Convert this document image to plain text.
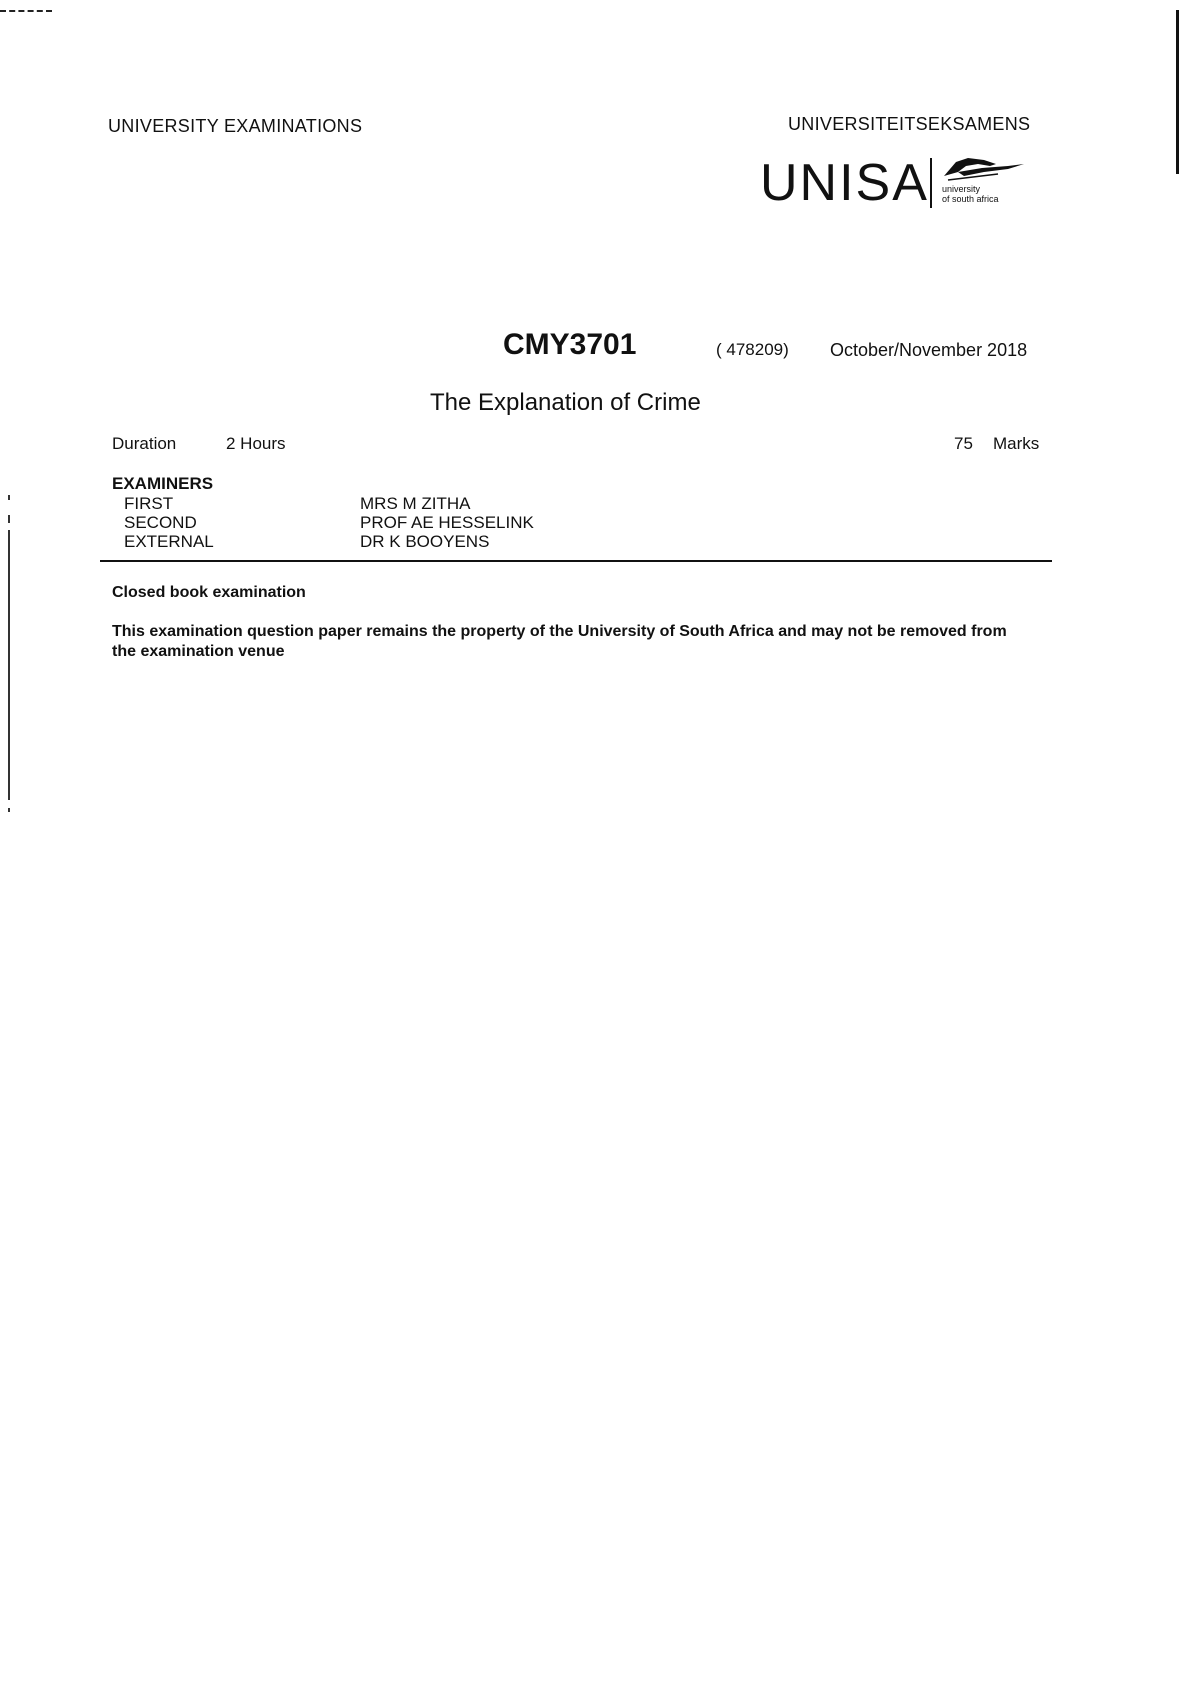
UNIVERSITY EXAMINATIONS	UNIVERSITEITSEKSAMENS
UNISA university
of south africa
CMY3701	( 478209) October/November 2018
The Explanation of Crime
Duration	2 Hours	75 Marks
EXAMINERS
FIRST	MRS M ZITHA
SECOND	PROF AE HESSELINK
EXTERNAL	DR K BOOYENS
Closed book examination
This examination question paper remains the property of the University of South Africa and may not be removed from the examination venue
